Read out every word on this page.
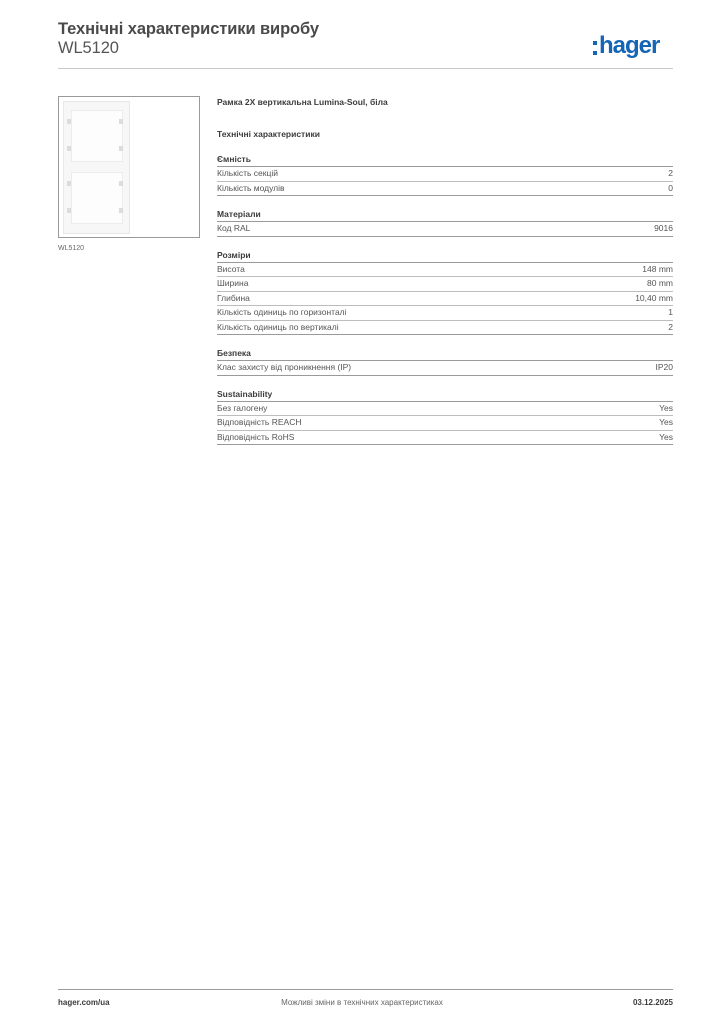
Технічні характеристики виробу
WL5120	hager
WL5120
Рамка 2X вертикальна Lumina-Soul, біла
Технічні характеристики
Ємність
Кількість секцій	2
Кількість модулів	0
Матеріали
Код RAL	9016
Розміри
Висота	148 mm
Ширина	80 mm
Глибина	10,40 mm
Кількість одиниць по горизонталі	1
Кількість одиниць по вертикалі	2
Безпека
Клас захисту від проникнення (IP)	IP20
Sustainability
Без галогену	Yes
Відповідність REACH	Yes
Відповідність RoHS	Yes
hager.com/ua	Можливі зміни в технічних характеристиках	03.12.2025
